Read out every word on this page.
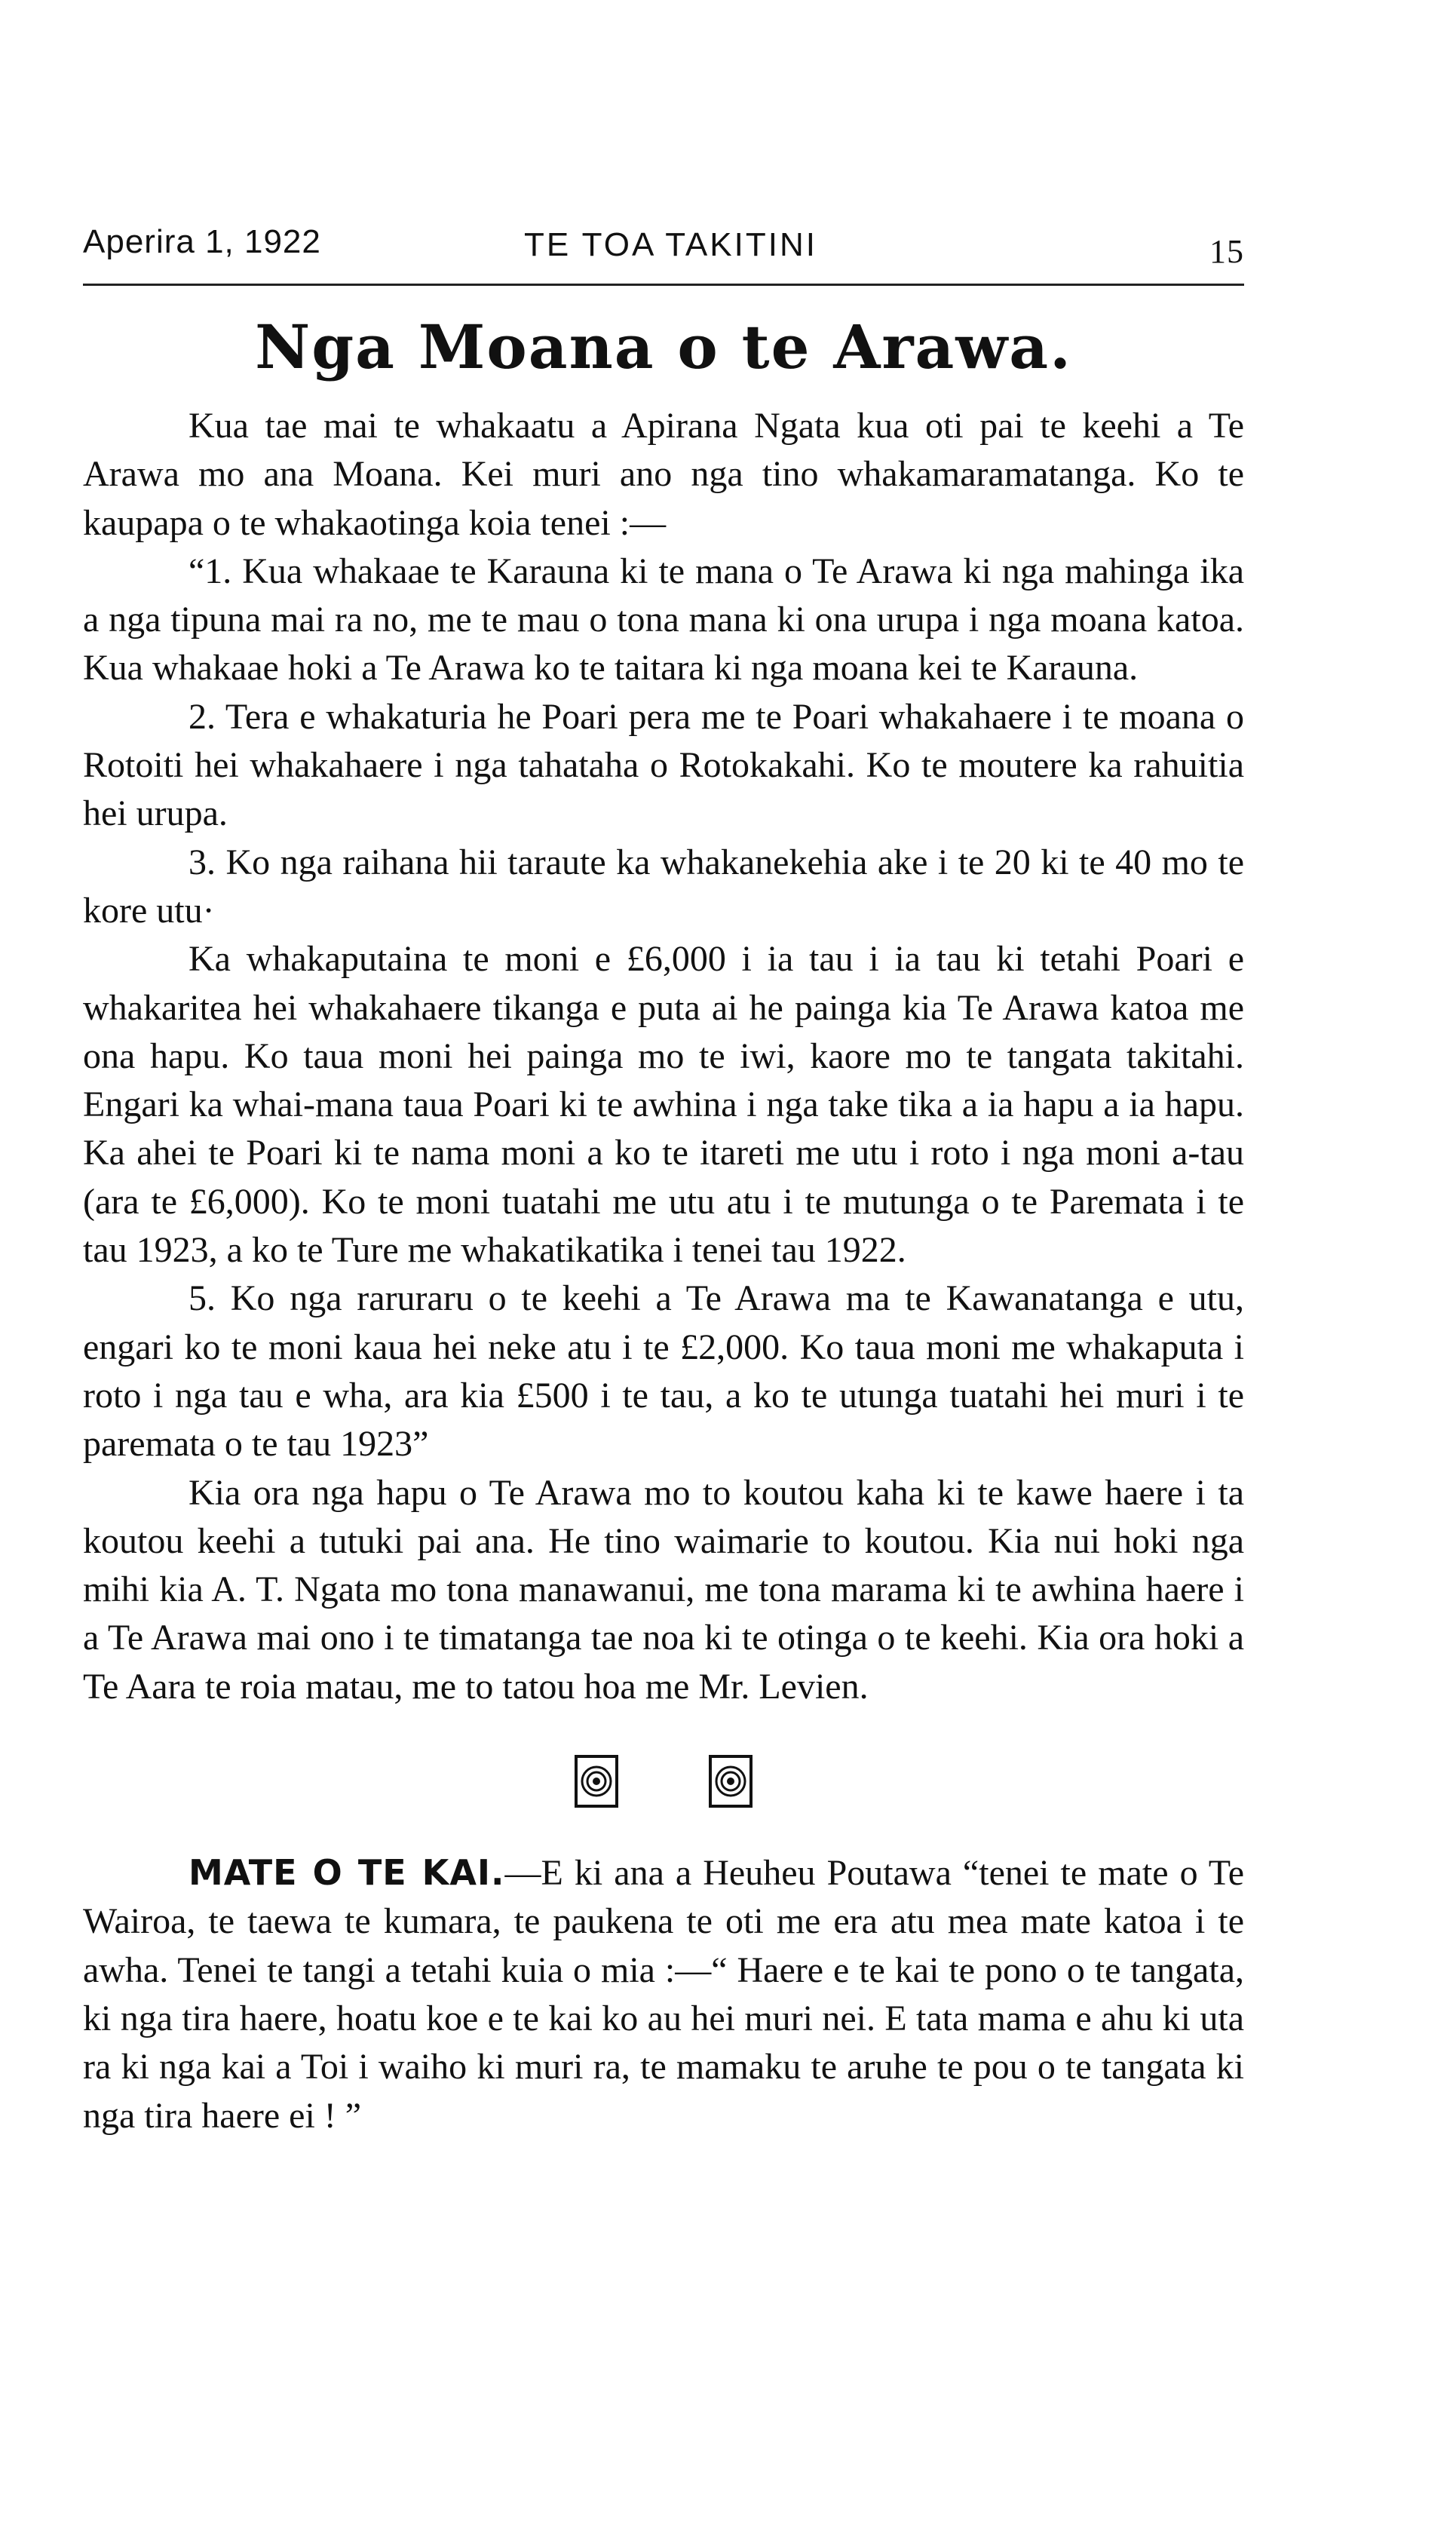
Aperira 1, 1922	TE TOA TAKITINI	15
Nga Moana o te Arawa.

Kua tae mai te whakaatu a Apirana Ngata kua oti pai te keehi a Te Arawa mo ana Moana. Kei muri ano nga tino whakamaramatanga. Ko te kaupapa o te whakaotinga koia tenei :—

“1. Kua whakaae te Karauna ki te mana o Te Arawa ki nga mahinga ika a nga tipuna mai ra no, me te mau o tona mana ki ona urupa i nga moana katoa. Kua whakaae hoki a Te Arawa ko te taitara ki nga moana kei te Karauna.

2. Tera e whakaturia he Poari pera me te Poari whakahaere i te moana o Rotoiti hei whakahaere i nga tahataha o Rotokakahi. Ko te moutere ka rahuitia hei urupa.

3. Ko nga raihana hii taraute ka whakanekehia ake i te 20 ki te 40 mo te kore utu·

Ka whakaputaina te moni e £6,000 i ia tau i ia tau ki tetahi Poari e whakaritea hei whakahaere tikanga e puta ai he painga kia Te Arawa katoa me ona hapu. Ko taua moni hei painga mo te iwi, kaore mo te tangata takitahi. Engari ka whai-mana taua Poari ki te awhina i nga take tika a ia hapu a ia hapu. Ka ahei te Poari ki te nama moni a ko te itareti me utu i roto i nga moni a-tau (ara te £6,000). Ko te moni tuatahi me utu atu i te mutunga o te Paremata i te tau 1923, a ko te Ture me whakatikatika i tenei tau 1922.

5. Ko nga raruraru o te keehi a Te Arawa ma te Kawanatanga e utu, engari ko te moni kaua hei neke atu i te £2,000. Ko taua moni me whakaputa i roto i nga tau e wha, ara kia £500 i te tau, a ko te utunga tuatahi hei muri i te paremata o te tau 1923”

Kia ora nga hapu o Te Arawa mo to koutou kaha ki te kawe haere i ta koutou keehi a tutuki pai ana. He tino waimarie to koutou. Kia nui hoki nga mihi kia A. T. Ngata mo tona manawanui, me tona marama ki te awhina haere i a Te Arawa mai ono i te timatanga tae noa ki te otinga o te keehi. Kia ora hoki a Te Aara te roia matau, me to tatou hoa me Mr. Levien.

MATE O TE KAI.—E ki ana a Heuheu Poutawa “tenei te mate o Te Wairoa, te taewa te kumara, te paukena te oti me era atu mea mate katoa i te awha. Tenei te tangi a tetahi kuia o mia :—“ Haere e te kai te pono o te tangata, ki nga tira haere, hoatu koe e te kai ko au hei muri nei. E tata mama e ahu ki uta ra ki nga kai a Toi i waiho ki muri ra, te mamaku te aruhe te pou o te tangata ki nga tira haere ei ! ”
